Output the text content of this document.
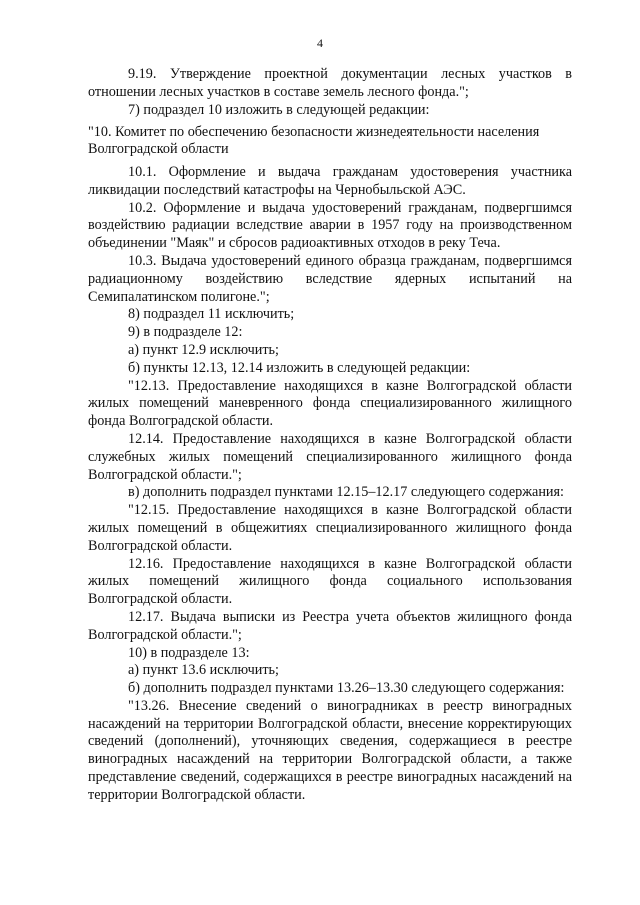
4

9.19. Утверждение проектной документации лесных участков в отношении лесных участков в составе земель лесного фонда.";

7) подраздел 10 изложить в следующей редакции:

"10. Комитет по обеспечению безопасности жизнедеятельности населения
Волгоградской области

10.1. Оформление и выдача гражданам удостоверения участника ликвидации последствий катастрофы на Чернобыльской АЭС.

10.2. Оформление и выдача удостоверений гражданам, подвергшимся воздействию радиации вследствие аварии в 1957 году на производственном объединении "Маяк" и сбросов радиоактивных отходов в реку Теча.

10.3. Выдача удостоверений единого образца гражданам, подвергшимся радиационному воздействию вследствие ядерных испытаний на Семипалатинском полигоне.";

8) подраздел 11 исключить;

9) в подразделе 12:

а) пункт 12.9 исключить;

б) пункты 12.13, 12.14 изложить в следующей редакции:

"12.13. Предоставление находящихся в казне Волгоградской области жилых помещений маневренного фонда специализированного жилищного фонда Волгоградской области.

12.14. Предоставление находящихся в казне Волгоградской области служебных жилых помещений специализированного жилищного фонда Волгоградской области.";

в) дополнить подраздел пунктами 12.15–12.17 следующего содержания:

"12.15. Предоставление находящихся в казне Волгоградской области жилых помещений в общежитиях специализированного жилищного фонда Волгоградской области.

12.16. Предоставление находящихся в казне Волгоградской области жилых помещений жилищного фонда социального использования Волгоградской области.

12.17. Выдача выписки из Реестра учета объектов жилищного фонда Волгоградской области.";

10) в подразделе 13:

а) пункт 13.6 исключить;

б) дополнить подраздел пунктами 13.26–13.30 следующего содержания:

"13.26. Внесение сведений о виноградниках в реестр виноградных насаждений на территории Волгоградской области, внесение корректирующих сведений (дополнений), уточняющих сведения, содержащиеся в реестре виноградных насаждений на территории Волгоградской области, а также представление сведений, содержащихся в реестре виноградных насаждений на территории Волгоградской области.
